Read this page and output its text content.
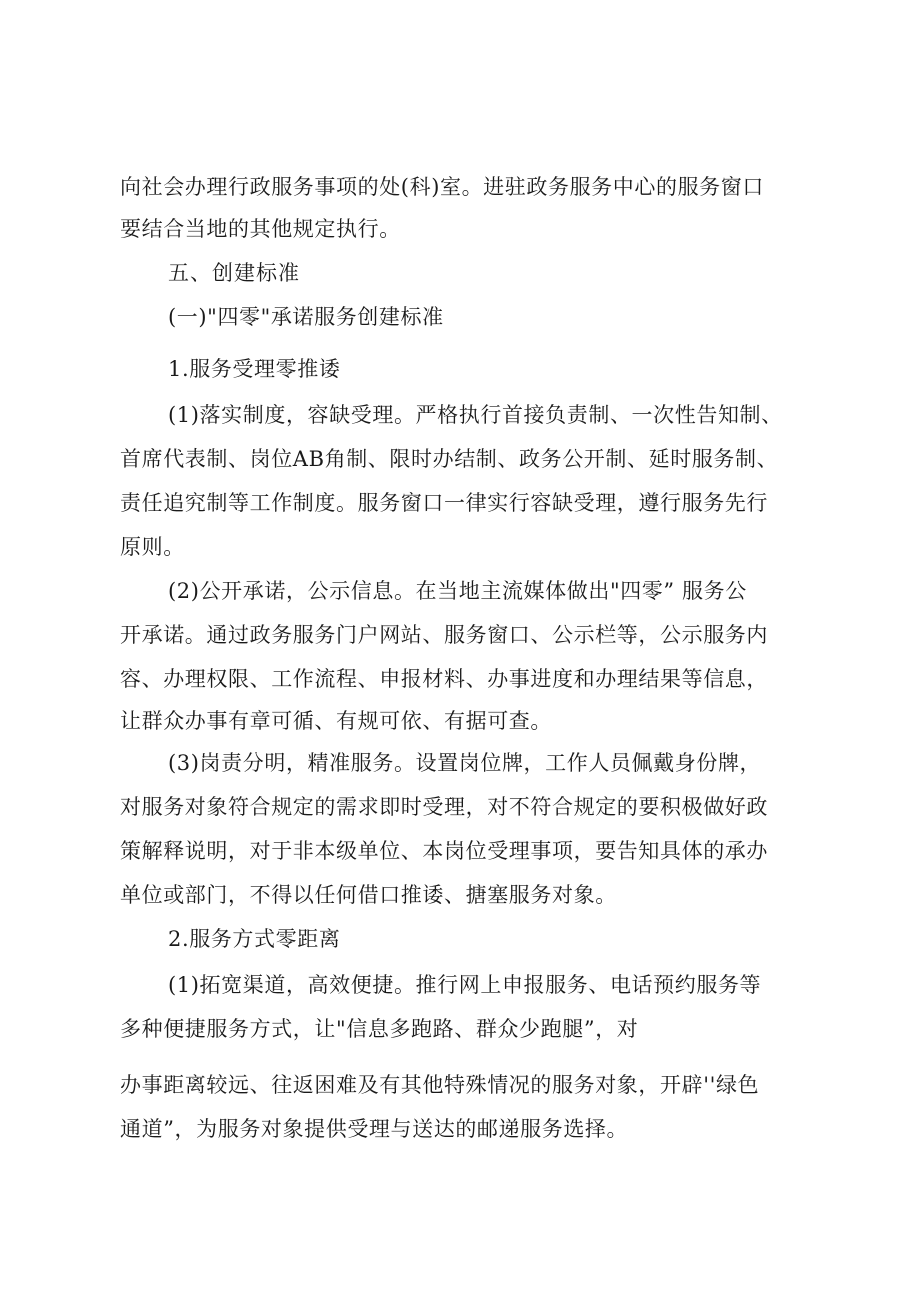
向社会办理行政服务事项的处(科)室。进驻政务服务中心的服务窗口
要结合当地的其他规定执行。
五、创建标准
(一)"四零"承诺服务创建标准
1.服务受理零推诿
(1)落实制度，容缺受理。严格执行首接负责制、一次性告知制、
首席代表制、岗位AB角制、限时办结制、政务公开制、延时服务制、
责任追究制等工作制度。服务窗口一律实行容缺受理，遵行服务先行
原则。
(2)公开承诺，公示信息。在当地主流媒体做出"四零” 服务公
开承诺。通过政务服务门户网站、服务窗口、公示栏等，公示服务内
容、办理权限、工作流程、申报材料、办事进度和办理结果等信息，
让群众办事有章可循、有规可依、有据可查。
(3)岗责分明，精准服务。设置岗位牌，工作人员佩戴身份牌，
对服务对象符合规定的需求即时受理，对不符合规定的要积极做好政
策解释说明，对于非本级单位、本岗位受理事项，要告知具体的承办
单位或部门，不得以任何借口推诿、搪塞服务对象。
2.服务方式零距离
(1)拓宽渠道，高效便捷。推行网上申报服务、电话预约服务等
多种便捷服务方式，让"信息多跑路、群众少跑腿”，对
办事距离较远、往返困难及有其他特殊情况的服务对象，开辟''绿色
通道”，为服务对象提供受理与送达的邮递服务选择。
